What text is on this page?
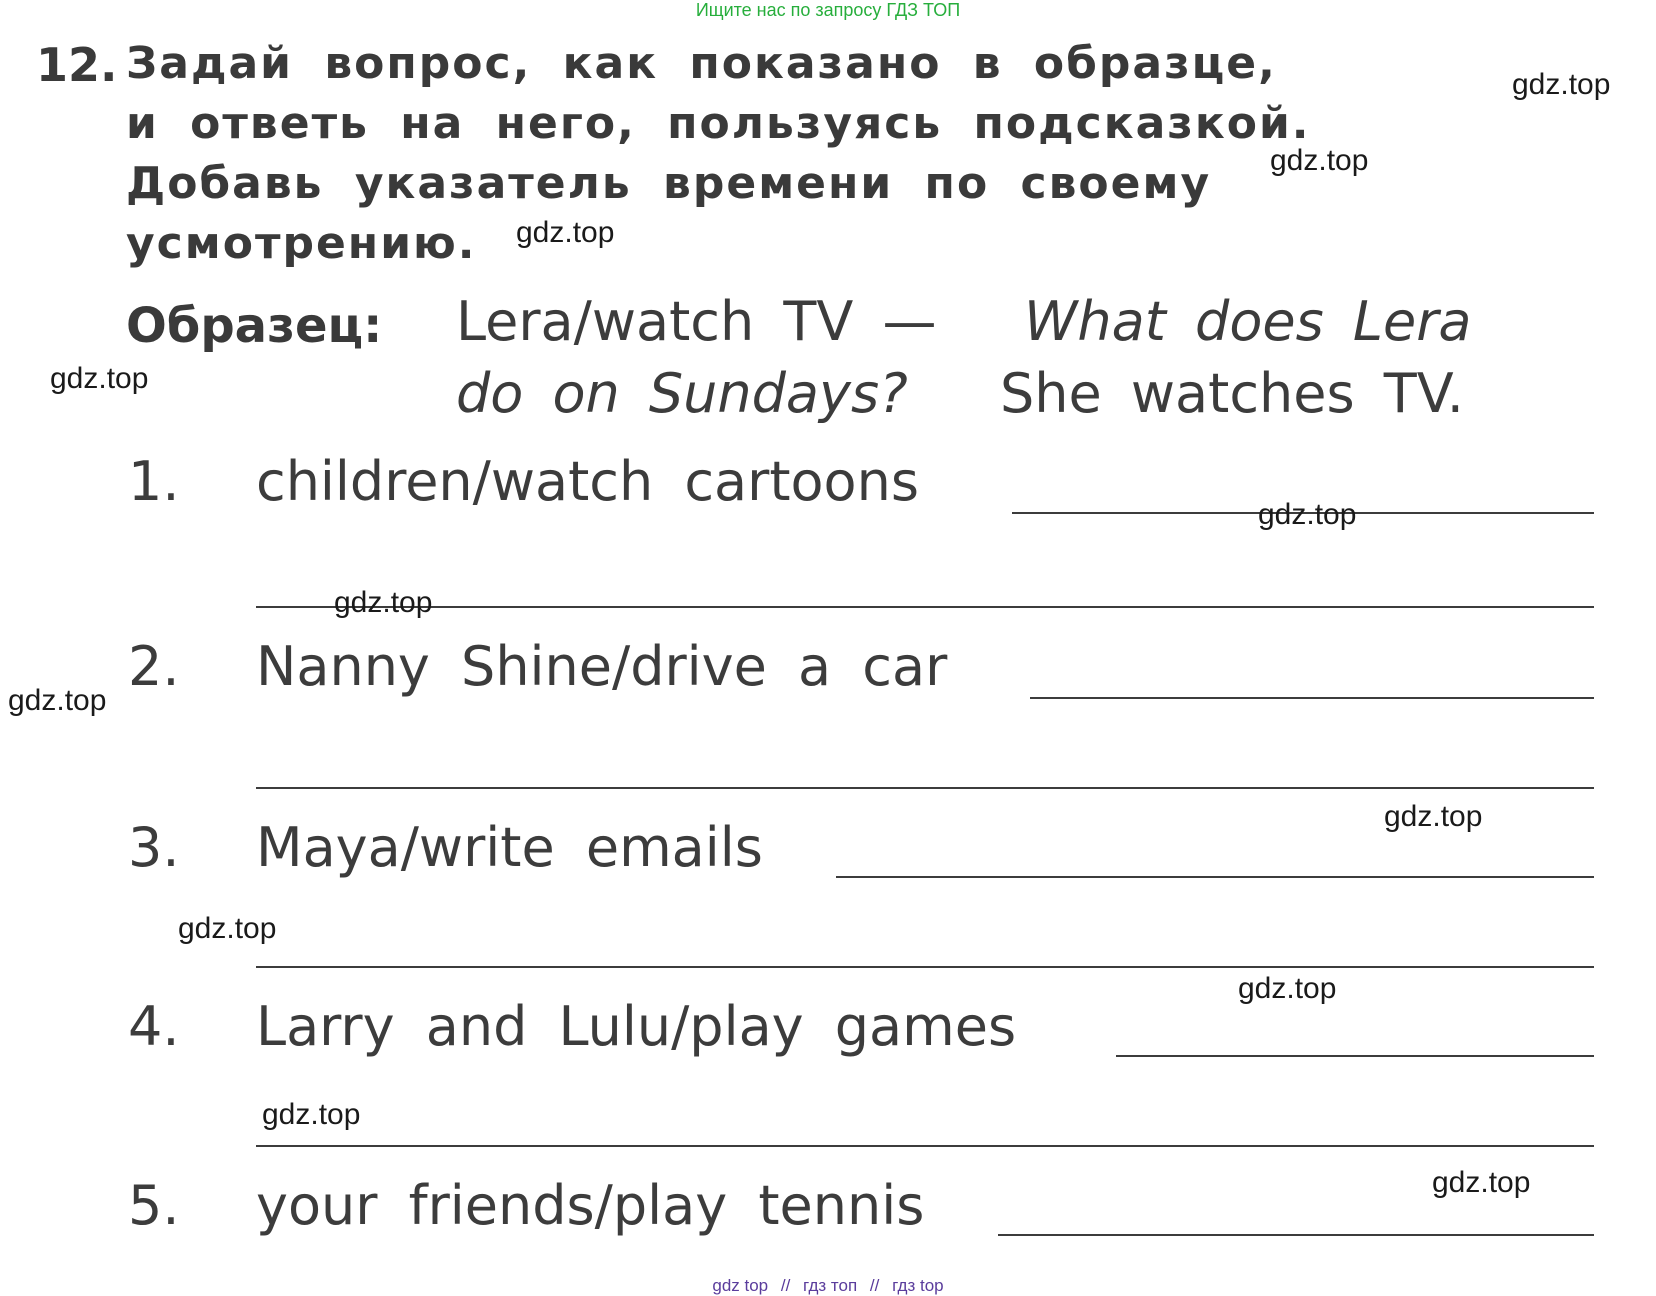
Ищите нас по запросу ГДЗ ТОП
12. Задай вопрос, как показано в образце,
и ответь на него, пользуясь подсказкой.
Добавь указатель времени по своему
усмотрению.
Образец: Lera/watch TV — What does Lera
do on Sundays? She watches TV.
1. children/watch cartoons
2. Nanny Shine/drive a car
3. Maya/write emails
4. Larry and Lulu/play games
5. your friends/play tennis
gdz.top
gdz.top
gdz.top
gdz.top
gdz.top
gdz.top
gdz.top
gdz.top
gdz.top
gdz.top
gdz.top
gdz.top
gdz top // гдз топ // гдз top
